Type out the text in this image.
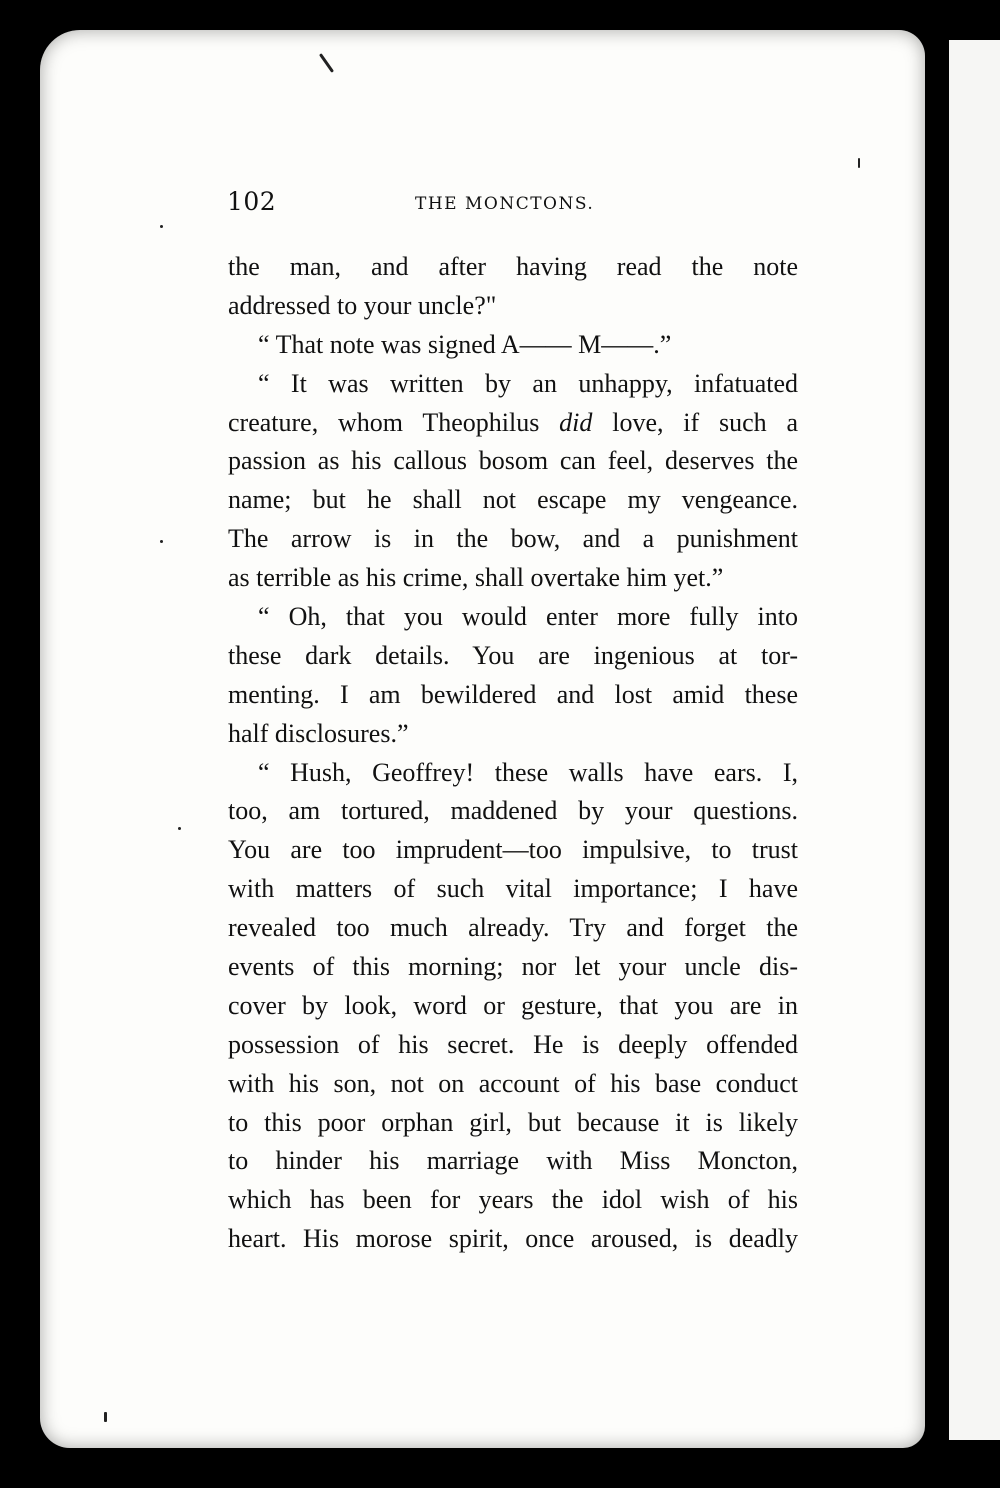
102	THE MONCTONS.
the man, and after having read the note
addressed to your uncle?"
“ That note was signed A—— M——.”
“ It was written by an unhappy, infatuated
creature, whom Theophilus did love, if such a
passion as his callous bosom can feel, deserves the
name; but he shall not escape my vengeance.
The arrow is in the bow, and a punishment
as terrible as his crime, shall overtake him yet.”
“ Oh, that you would enter more fully into
these dark details. You are ingenious at tor-
menting. I am bewildered and lost amid these
half disclosures.”
“ Hush, Geoffrey! these walls have ears. I,
too, am tortured, maddened by your questions.
You are too imprudent—too impulsive, to trust
with matters of such vital importance; I have
revealed too much already. Try and forget the
events of this morning; nor let your uncle dis-
cover by look, word or gesture, that you are in
possession of his secret. He is deeply offended
with his son, not on account of his base conduct
to this poor orphan girl, but because it is likely
to hinder his marriage with Miss Moncton,
which has been for years the idol wish of his
heart. His morose spirit, once aroused, is deadly
